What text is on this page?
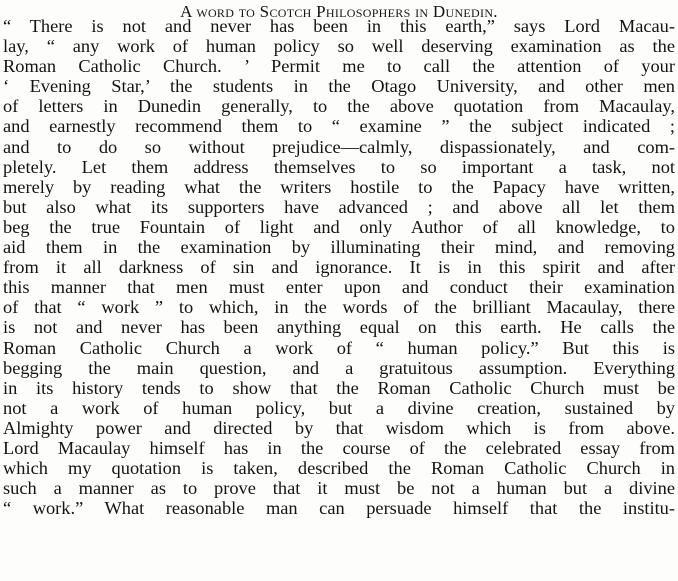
A word to Scotch Philosophers in Dunedin.
“ There is not and never has been in this earth,” says Lord Macau-
lay, “ any work of human policy so well deserving examination as the
Roman Catholic Church. ’ Permit me to call the attention of your
‘ Evening Star,’ the students in the Otago University, and other men
of letters in Dunedin generally, to the above quotation from Macaulay,
and earnestly recommend them to “ examine ” the subject indicated ;
and to do so without prejudice—calmly, dispassionately, and com-
pletely. Let them address themselves to so important a task, not
merely by reading what the writers hostile to the Papacy have written,
but also what its supporters have advanced ; and above all let them
beg the true Fountain of light and only Author of all knowledge, to
aid them in the examination by illuminating their mind, and removing
from it all darkness of sin and ignorance. It is in this spirit and after
this manner that men must enter upon and conduct their examination
of that “ work ” to which, in the words of the brilliant Macaulay, there
is not and never has been anything equal on this earth. He calls the
Roman Catholic Church a work of “ human policy.” But this is
begging the main question, and a gratuitous assumption. Everything
in its history tends to show that the Roman Catholic Church must be
not a work of human policy, but a divine creation, sustained by
Almighty power and directed by that wisdom which is from above.
Lord Macaulay himself has in the course of the celebrated essay from
which my quotation is taken, described the Roman Catholic Church in
such a manner as to prove that it must be not a human but a divine
“ work.” What reasonable man can persuade himself that the institu-
